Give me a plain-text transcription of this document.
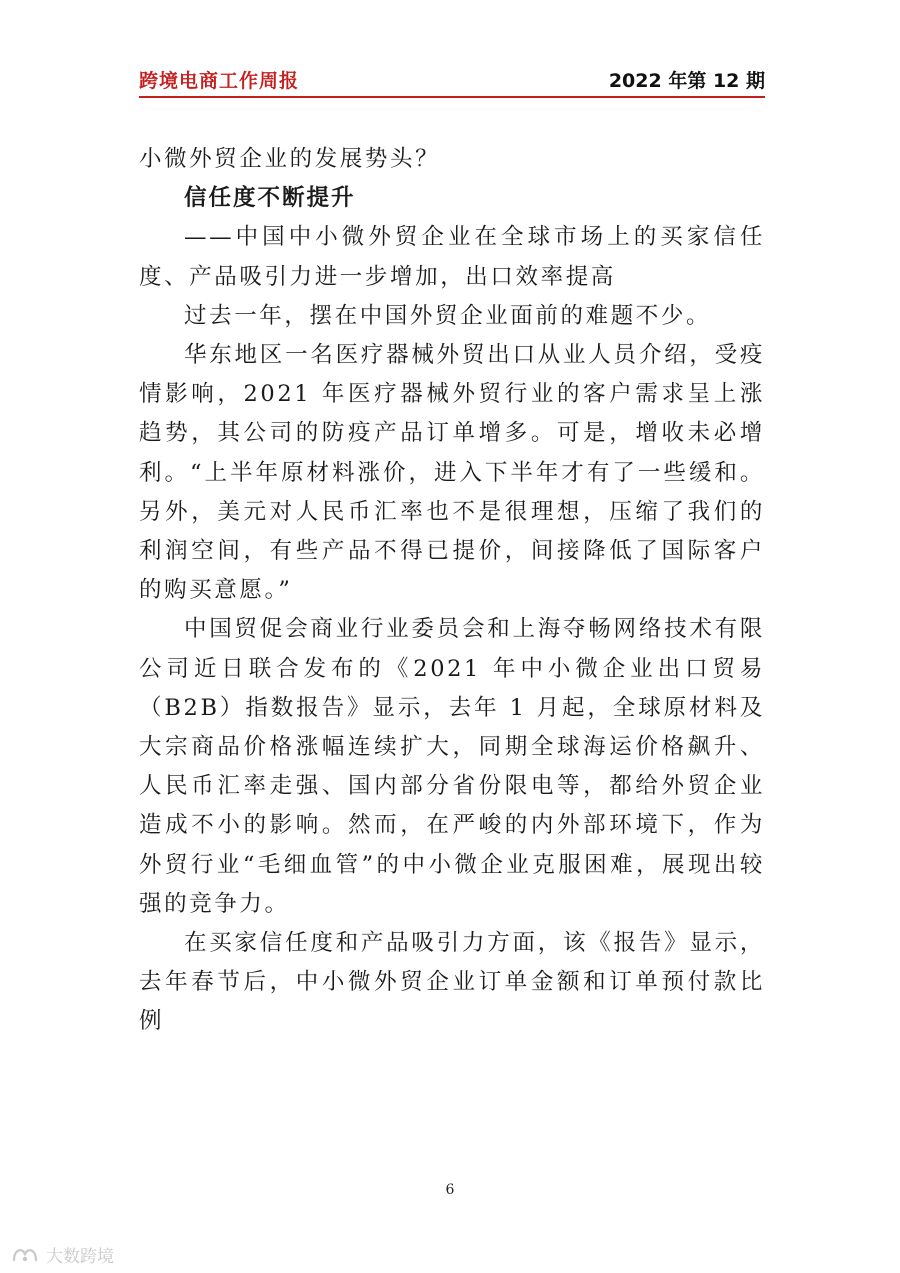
跨境电商工作周报	2022 年第 12 期

小微外贸企业的发展势头？

信任度不断提升

——中国中小微外贸企业在全球市场上的买家信任度、产品吸引力进一步增加，出口效率提高

过去一年，摆在中国外贸企业面前的难题不少。

华东地区一名医疗器械外贸出口从业人员介绍，受疫情影响，2021 年医疗器械外贸行业的客户需求呈上涨趋势，其公司的防疫产品订单增多。可是，增收未必增利。“上半年原材料涨价，进入下半年才有了一些缓和。另外，美元对人民币汇率也不是很理想，压缩了我们的利润空间，有些产品不得已提价，间接降低了国际客户的购买意愿。”

中国贸促会商业行业委员会和上海夺畅网络技术有限公司近日联合发布的《2021 年中小微企业出口贸易（B2B）指数报告》显示，去年 1 月起，全球原材料及大宗商品价格涨幅连续扩大，同期全球海运价格飙升、人民币汇率走强、国内部分省份限电等，都给外贸企业造成不小的影响。然而，在严峻的内外部环境下，作为外贸行业“毛细血管”的中小微企业克服困难，展现出较强的竞争力。

在买家信任度和产品吸引力方面，该《报告》显示，去年春节后，中小微外贸企业订单金额和订单预付款比例

6
大数跨境
